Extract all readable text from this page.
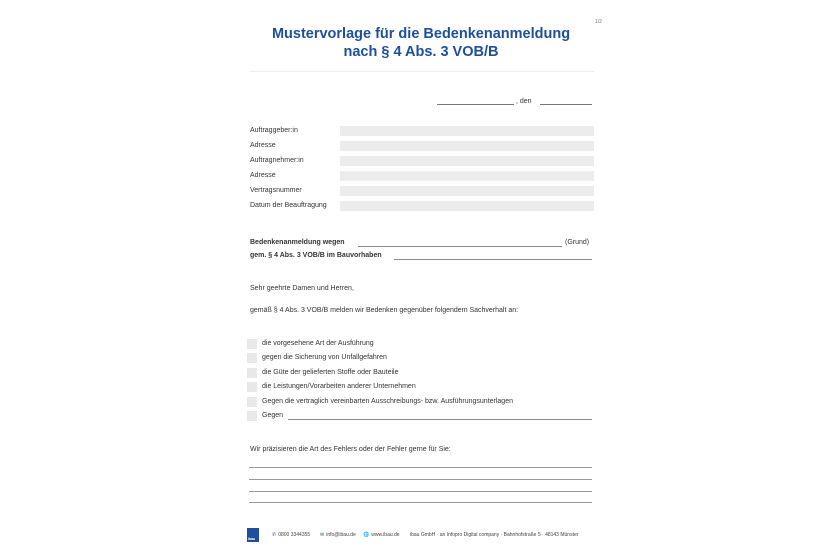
1/2
Mustervorlage für die Bedenkenanmeldung
nach § 4 Abs. 3 VOB/B
, den
Auftraggeber:in
Adresse
Auftragnehmer:in
Adresse
Vertragsnummer
Datum der Beauftragung
Bedenkenanmeldung wegen	(Grund)
gem. § 4 Abs. 3 VOB/B im Bauvorhaben
Sehr geehrte Damen und Herren,
gemäß § 4 Abs. 3 VOB/B melden wir Bedenken gegenüber folgendem Sachverhalt an:
die vorgesehene Art der Ausführung
gegen die Sicherung von Unfallgefahren
die Güte der gelieferten Stoffe oder Bauteile
die Leistungen/Vorarbeiten anderer Unternehmen
Gegen die vertraglich vereinbarten Ausschreibungs- bzw. Ausführungsunterlagen
Gegen
Wir präzisieren die Art des Fehlers oder der Fehler gerne für Sie:
ibau
✆ 0800 3344355 ✉ info@ibau.de 🌐 www.ibau.de ibau GmbH · an Infopro Digital company · Bahnhofstraße 5 · 48143 Münster
